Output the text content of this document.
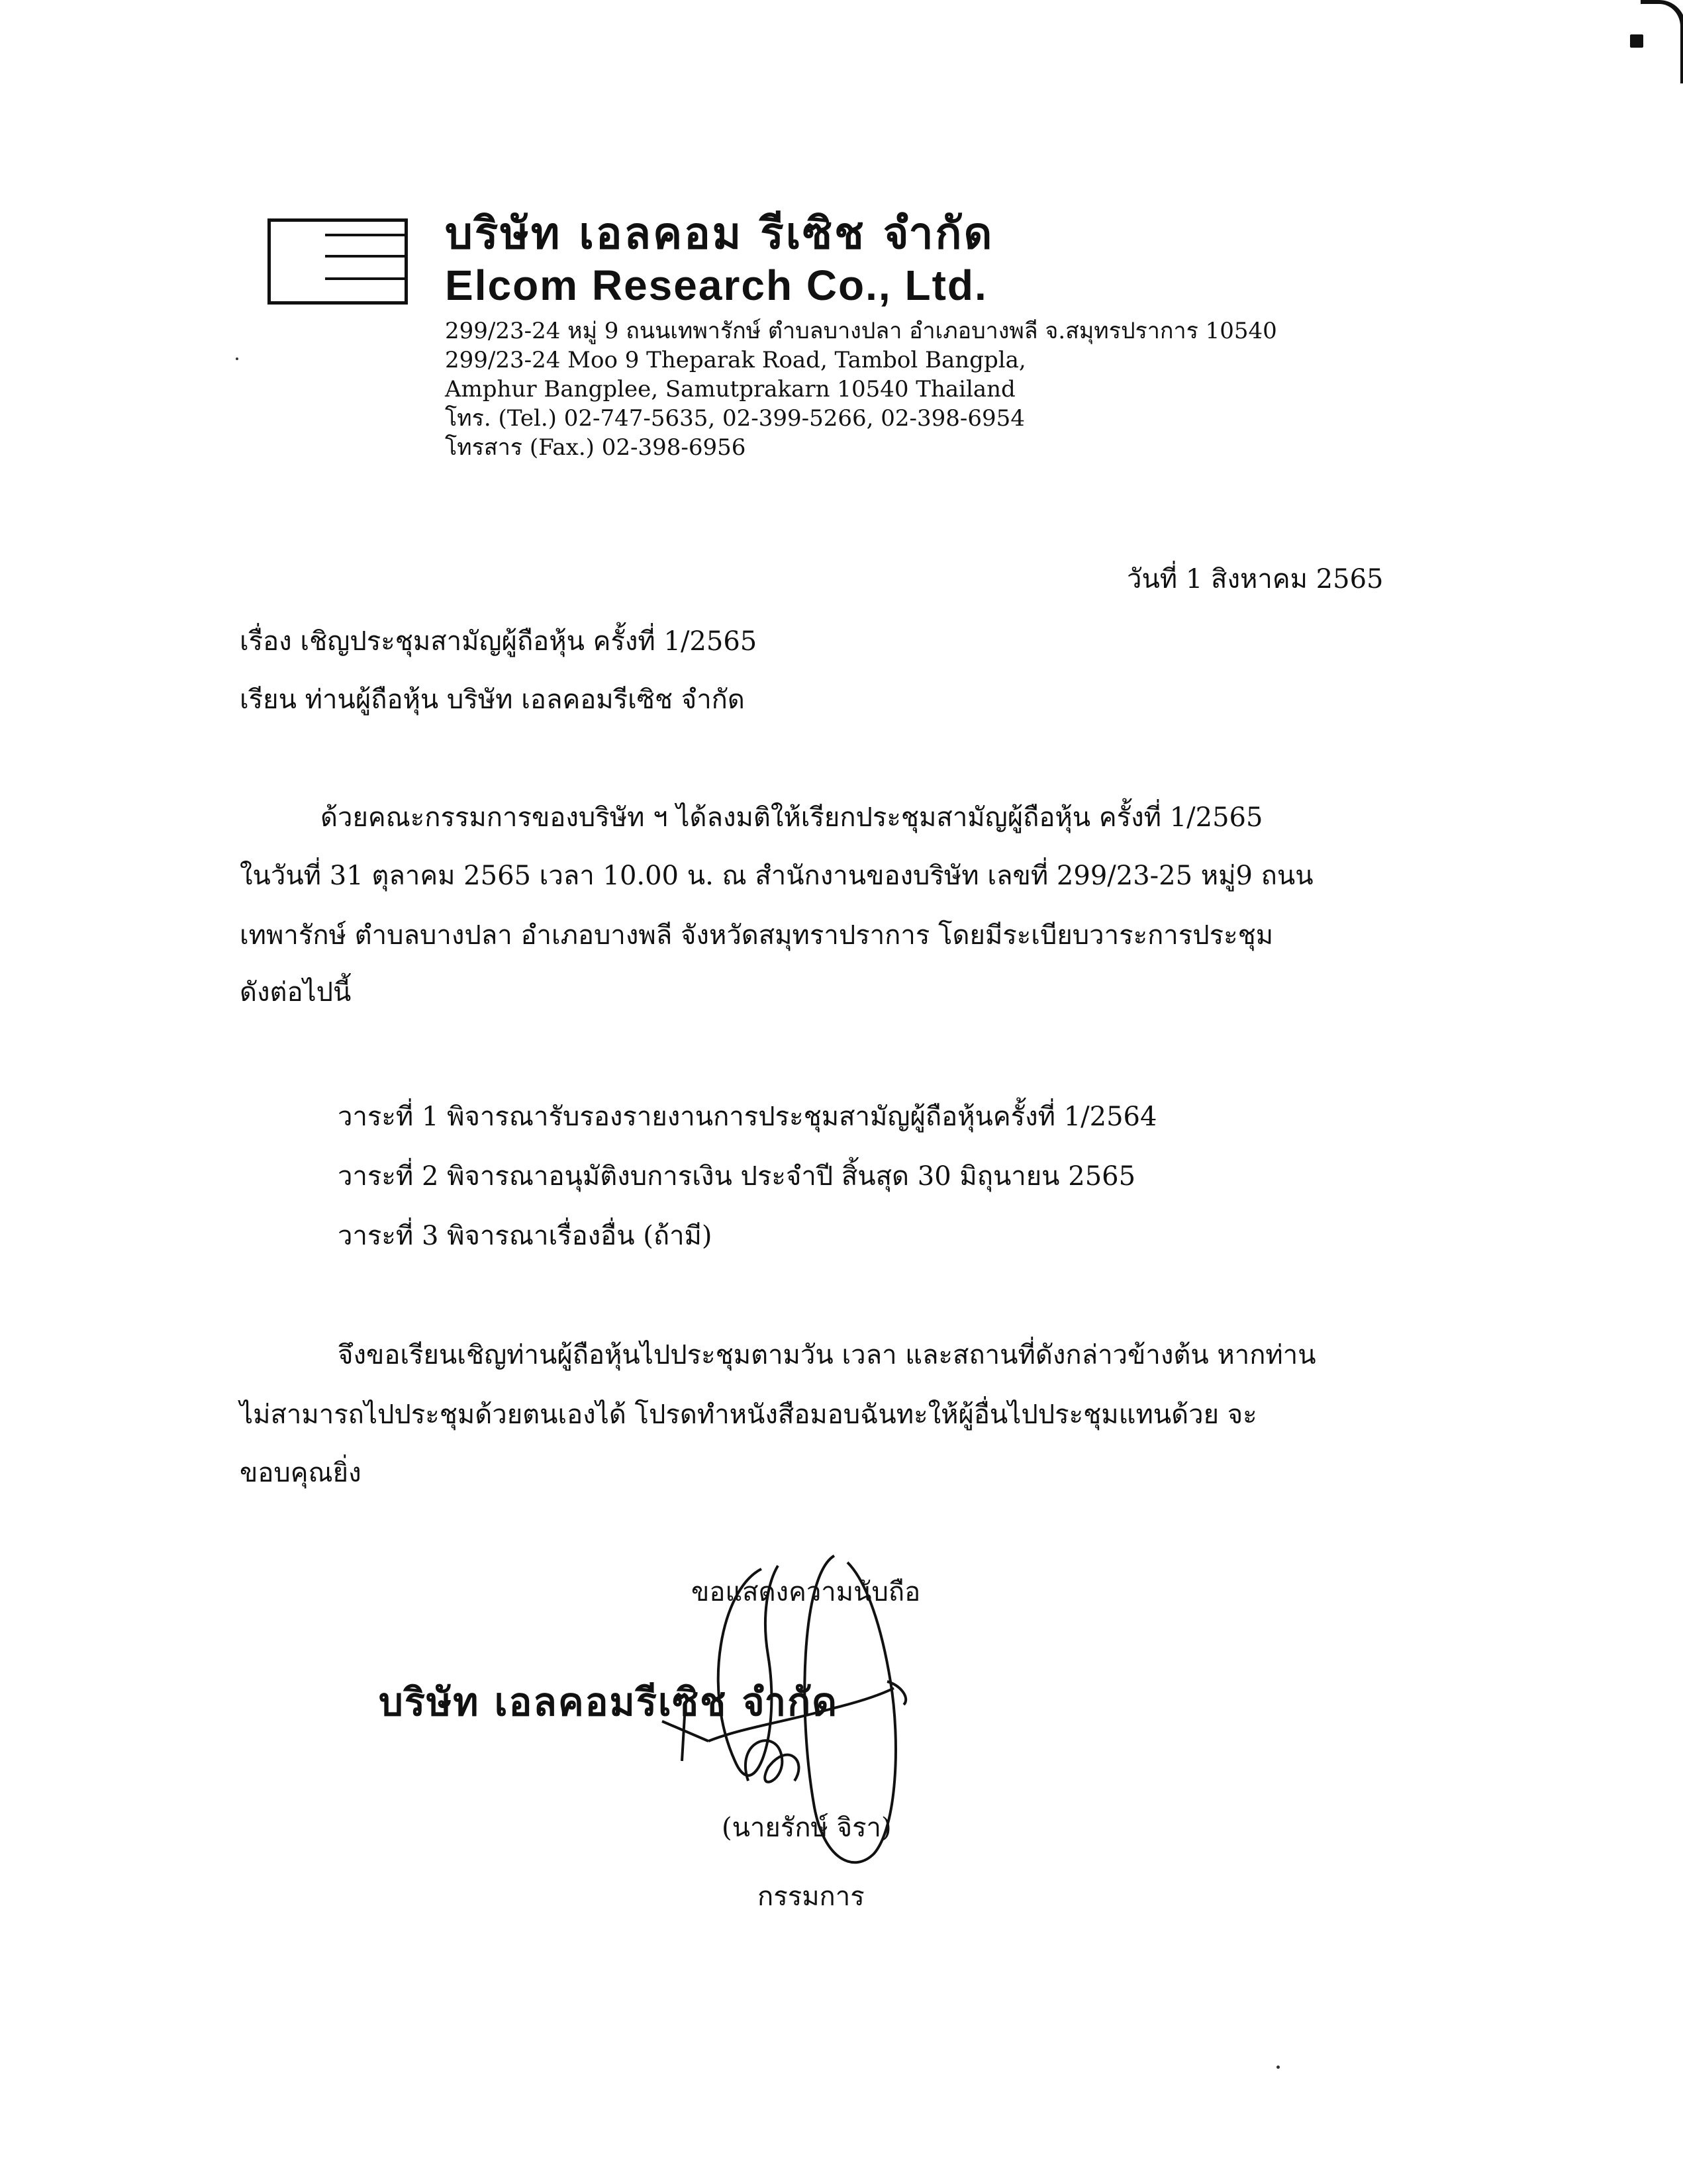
บริษัท เอลคอม รีเซิช จำกัด
Elcom Research Co., Ltd.
299/23-24 หมู่ 9 ถนนเทพารักษ์ ตำบลบางปลา อำเภอบางพลี จ.สมุทรปราการ 10540
299/23-24 Moo 9 Theparak Road, Tambol Bangpla,
Amphur Bangplee, Samutprakarn 10540 Thailand
โทร. (Tel.) 02-747-5635, 02-399-5266, 02-398-6954
โทรสาร (Fax.) 02-398-6956
วันที่ 1 สิงหาคม 2565
เรื่อง เชิญประชุมสามัญผู้ถือหุ้น ครั้งที่ 1/2565
เรียน ท่านผู้ถือหุ้น บริษัท เอลคอมรีเซิช จำกัด
ด้วยคณะกรรมการของบริษัท ฯ ได้ลงมติให้เรียกประชุมสามัญผู้ถือหุ้น ครั้งที่ 1/2565
ในวันที่ 31 ตุลาคม 2565 เวลา 10.00 น. ณ สำนักงานของบริษัท เลขที่ 299/23-25 หมู่9 ถนน
เทพารักษ์ ตำบลบางปลา อำเภอบางพลี จังหวัดสมุทราปราการ โดยมีระเบียบวาระการประชุม
ดังต่อไปนี้
วาระที่ 1 พิจารณารับรองรายงานการประชุมสามัญผู้ถือหุ้นครั้งที่ 1/2564
วาระที่ 2 พิจารณาอนุมัติงบการเงิน ประจำปี สิ้นสุด 30 มิถุนายน 2565
วาระที่ 3 พิจารณาเรื่องอื่น (ถ้ามี)
จึงขอเรียนเชิญท่านผู้ถือหุ้นไปประชุมตามวัน เวลา และสถานที่ดังกล่าวข้างต้น หากท่าน
ไม่สามารถไปประชุมด้วยตนเองได้ โปรดทำหนังสือมอบฉันทะให้ผู้อื่นไปประชุมแทนด้วย จะ
ขอบคุณยิ่ง
ขอแสดงความนับถือ
บริษัท เอลคอมรีเซิช จำกัด
(นายรักษ์ จิรา)
กรรมการ
